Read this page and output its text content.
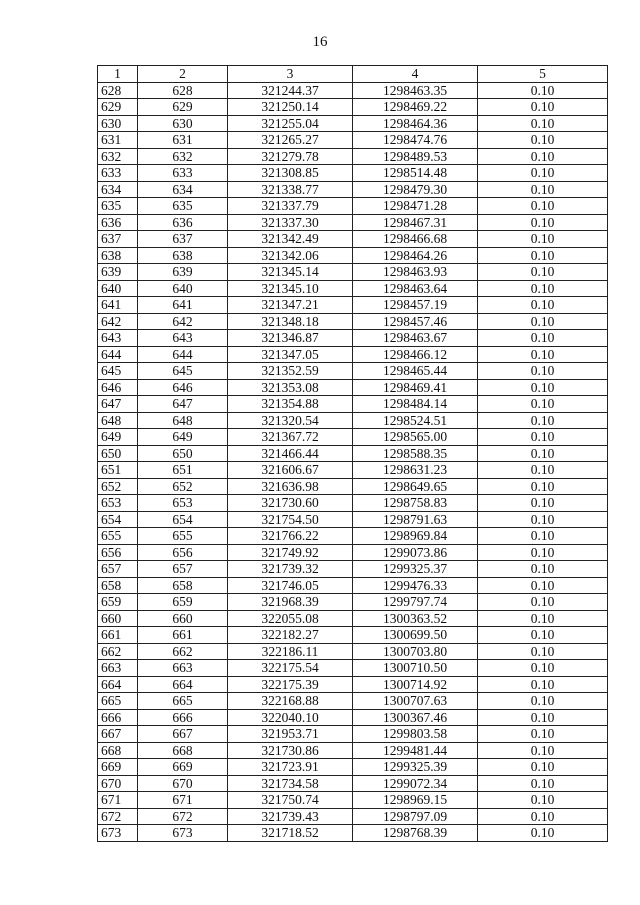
16
1	2	3	4	5
628	628	321244.37	1298463.35	0.10
629	629	321250.14	1298469.22	0.10
630	630	321255.04	1298464.36	0.10
631	631	321265.27	1298474.76	0.10
632	632	321279.78	1298489.53	0.10
633	633	321308.85	1298514.48	0.10
634	634	321338.77	1298479.30	0.10
635	635	321337.79	1298471.28	0.10
636	636	321337.30	1298467.31	0.10
637	637	321342.49	1298466.68	0.10
638	638	321342.06	1298464.26	0.10
639	639	321345.14	1298463.93	0.10
640	640	321345.10	1298463.64	0.10
641	641	321347.21	1298457.19	0.10
642	642	321348.18	1298457.46	0.10
643	643	321346.87	1298463.67	0.10
644	644	321347.05	1298466.12	0.10
645	645	321352.59	1298465.44	0.10
646	646	321353.08	1298469.41	0.10
647	647	321354.88	1298484.14	0.10
648	648	321320.54	1298524.51	0.10
649	649	321367.72	1298565.00	0.10
650	650	321466.44	1298588.35	0.10
651	651	321606.67	1298631.23	0.10
652	652	321636.98	1298649.65	0.10
653	653	321730.60	1298758.83	0.10
654	654	321754.50	1298791.63	0.10
655	655	321766.22	1298969.84	0.10
656	656	321749.92	1299073.86	0.10
657	657	321739.32	1299325.37	0.10
658	658	321746.05	1299476.33	0.10
659	659	321968.39	1299797.74	0.10
660	660	322055.08	1300363.52	0.10
661	661	322182.27	1300699.50	0.10
662	662	322186.11	1300703.80	0.10
663	663	322175.54	1300710.50	0.10
664	664	322175.39	1300714.92	0.10
665	665	322168.88	1300707.63	0.10
666	666	322040.10	1300367.46	0.10
667	667	321953.71	1299803.58	0.10
668	668	321730.86	1299481.44	0.10
669	669	321723.91	1299325.39	0.10
670	670	321734.58	1299072.34	0.10
671	671	321750.74	1298969.15	0.10
672	672	321739.43	1298797.09	0.10
673	673	321718.52	1298768.39	0.10
